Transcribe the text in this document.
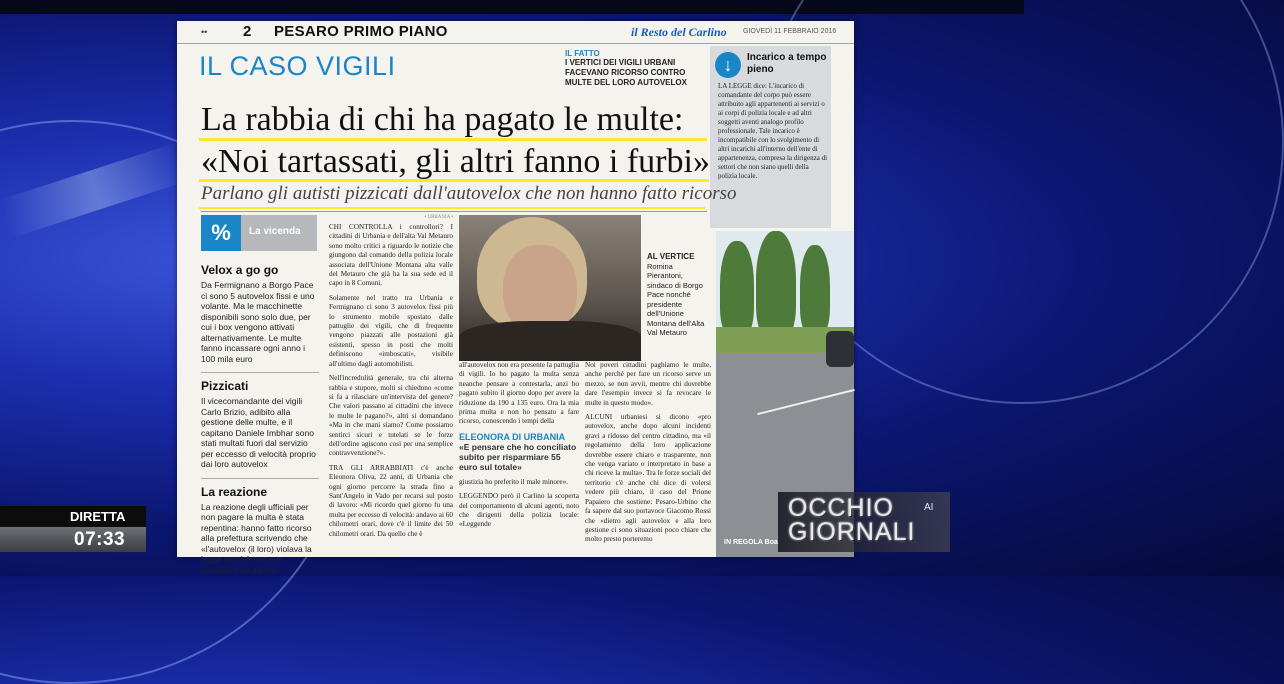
•• 2 PESARO PRIMO PIANO	il Resto del Carlino GIOVEDÌ 11 FEBBRAIO 2016
IL CASO VIGILI	IL FATTO
I VERTICI DEI VIGILI URBANI FACEVANO RICORSO CONTRO MULTE DEL LORO AUTOVELOX
↓	Incarico a tempo pieno
LA LEGGE dice: L'incarico di comandante del corpo può essere attribuito agli appartenenti ai servizi o ai corpi di polizia locale e ad altri soggetti aventi analogo profilo professionale. Tale incarico è incompatibile con lo svolgimento di altri incarichi all'interno dell'ente di appartenenza, compresa la dirigenza di settori che non siano quelli della polizia locale.
La rabbia di chi ha pagato le multe:
«Noi tartassati, gli altri fanno i furbi»
Parlano gli autisti pizzicati dall'autovelox che non hanno fatto ricorso
%	La vicenda
Velox a go go
Da Fermignano a Borgo Pace ci sono 5 autovelox fissi e uno volante. Ma le macchinette disponibili sono solo due, per cui i box vengono attivati alternativamente. Le multe fanno incassare ogni anno i 100 mila euro
Pizzicati
Il vicecomandante dei vigili Carlo Brizio, adibito alla gestione delle multe, e il capitano Daniele Imbhar sono stati multati fuori dal servizio per eccesso di velocità proprio dai loro autovelox
La reazione
La reazione degli ufficiali per non pagare la multa è stata repentina: hanno fatto ricorso alla prefettura scrivendo che «l'autovelox (il loro) violava la legge perché non era presidiato da agenti»
• URBANIA •
CHI CONTROLLA i controllori? I cittadini di Urbania e dell'alta Val Metauro sono molto critici a riguardo le notizie che giungono dal comando della polizia locale associata dell'Unione Montana alta valle del Metauro che già ha la sua sede ed il capo in 8 Comuni.
Solamente nel tratto tra Urbania e Fermignano ci sono 3 autovelox fissi più lo strumento mobile spostato dalle pattuglie dei vigili, che di frequente vengono piazzati alle postazioni già esistenti, spesso in posti che molti definiscono «imboscati», visibile all'ultimo dagli automobilisti.
Nell'incredulità generale, tra chi alterna rabbia e stupore, molti si chiedono «come si fa a rilasciare un'intervista del genere? Che valori passano ai cittadini che invece le multe le pagano?», altri si domandano «Ma in che mani siamo? Come possiamo sentirci sicuri e tutelati se le forze dell'ordine agiscono così per una semplice contravvenzione?».
TRA GLI ARRABBIATI c'è anche Eleonora Oliva, 22 anni, di Urbania che ogni giorno percorre la strada fino a Sant'Angelo in Vado per recarsi sul posto di lavoro: «Mi ricordo quel giorno fu una multa per eccesso di velocità: andavo ai 60 chilometri orari, dove c'è il limite dei 50 chilometri orari. Da quello che è
AL VERTICE
Romina Pierantoni, sindaco di Borgo Pace nonché presidente dell'Unione Montana dell'Alta Val Metauro
IN REGOLA Boa
all'autovelox non era presente la pattuglia di vigili. Io ho pagato la multa senza neanche pensare a contestarla, anzi ho pagato subito il giorno dopo per avere la riduzione da 190 a 135 euro. Ora la mia prima multa e non ho pensato a fare ricorso, conoscendo i tempi della
ELEONORA DI URBANIA
«E pensare che ho conciliato subito per risparmiare 55 euro sul totale»
giustizia ho preferito il male minore».
LEGGENDO però il Carlino la scoperta del comportamento di alcuni agenti, noto che dirigenti della polizia locale: «Leggende
Noi poveri cittadini paghiamo le multe, anche perché per fare un ricorso serve un mezzo, se non avvii, mentre chi dovrebbe dare l'esempio invece si fa revocare le multe in questo modo».
ALCUNI urbaniesi si dicono «pro autovelox, anche dopo alcuni incidenti gravi a ridosso del centro cittadino, ma «il regolamento della loro applicazione dovrebbe essere chiaro e trasparente, non che venga variato o interpretato in base a chi riceve la multa». Tra le forze sociali del territorio c'è anche chi dice di volersi vedere più chiaro, il caso del Prione Papaiero che sostiene: Pesaro-Urbino che fa sapere dal suo portavoce Giacomo Rossi che «dietro agli autovelox e alla loro gestione ci sono situazioni poco chiare che molto presto porteremo
OCCHIO	AI
GIORNALI
DIRETTA
07:33
